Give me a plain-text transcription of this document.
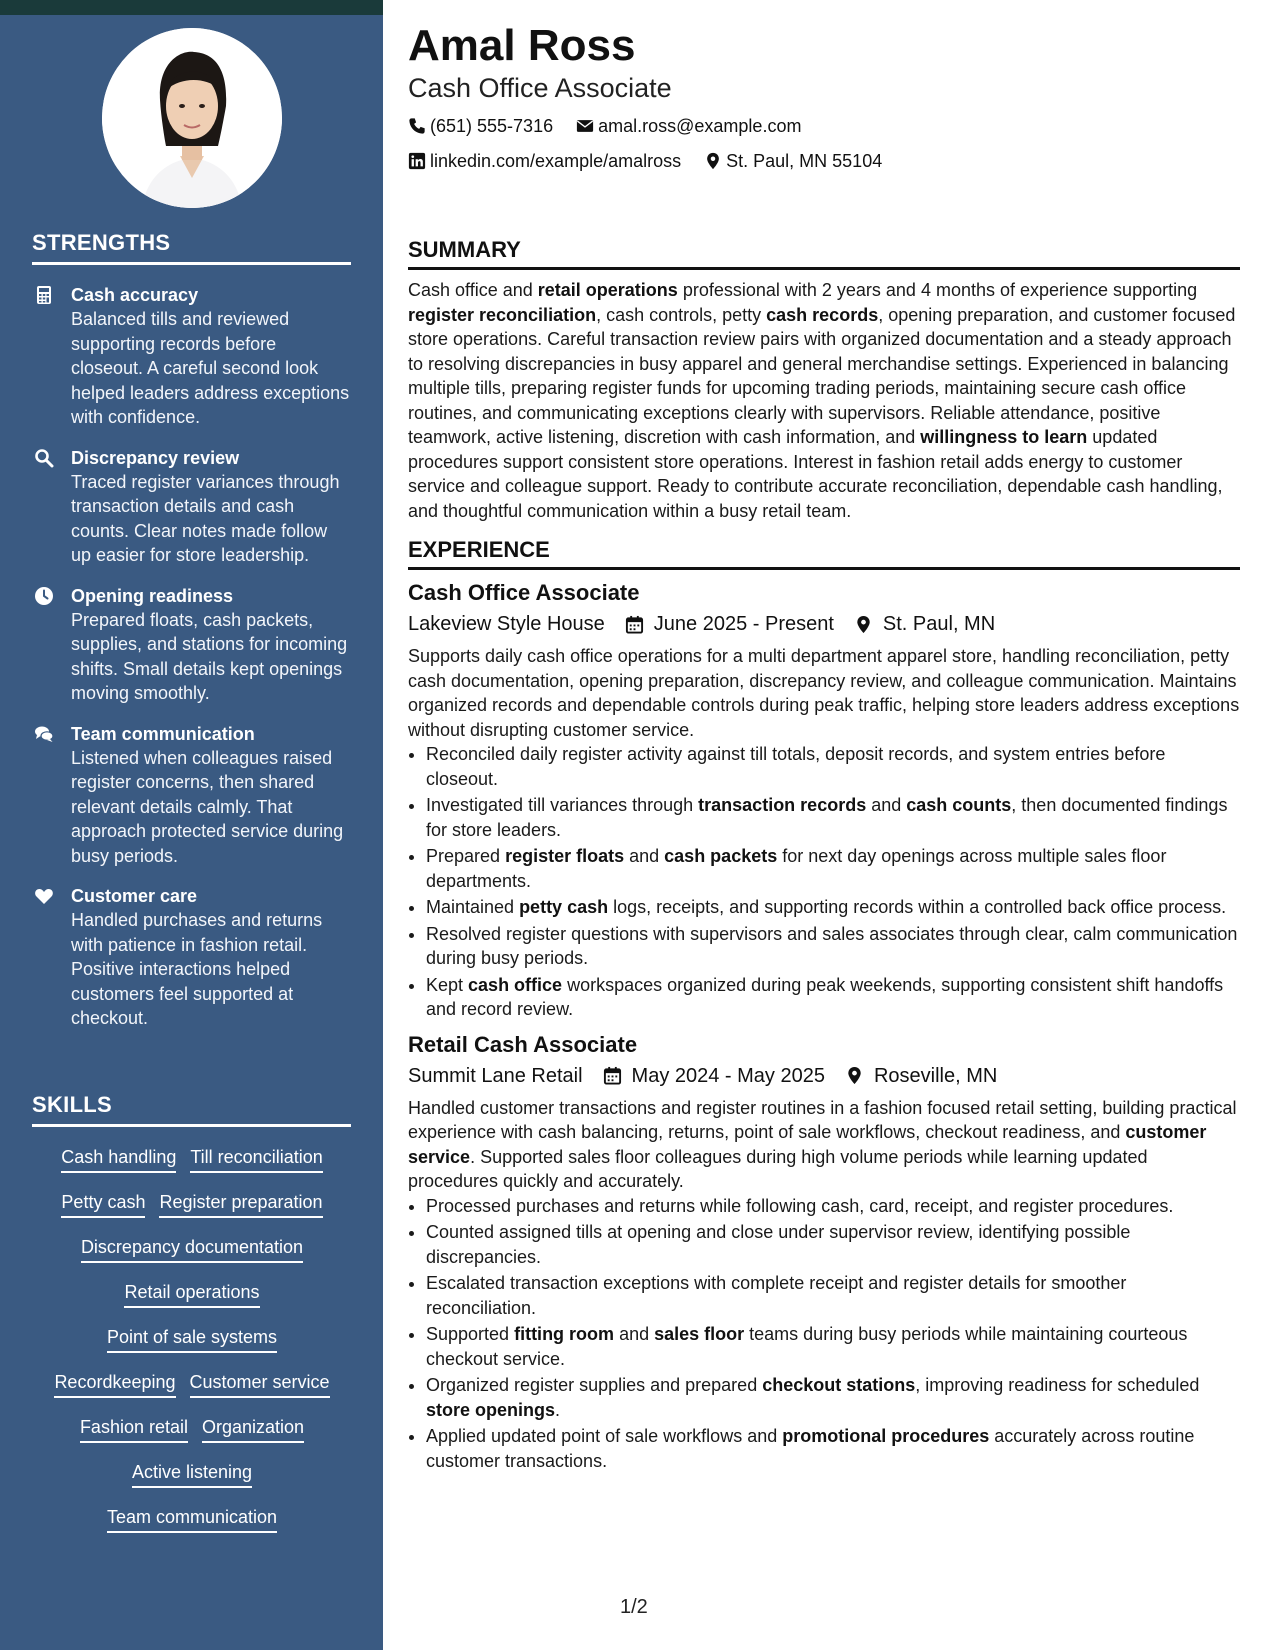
STRENGTHS
Cash accuracy
Balanced tills and reviewed supporting records before closeout. A careful second look helped leaders address exceptions with confidence.
Discrepancy review
Traced register variances through transaction details and cash counts. Clear notes made follow up easier for store leadership.
Opening readiness
Prepared floats, cash packets, supplies, and stations for incoming shifts. Small details kept openings moving smoothly.
Team communication
Listened when colleagues raised register concerns, then shared relevant details calmly. That approach protected service during busy periods.
Customer care
Handled purchases and returns with patience in fashion retail. Positive interactions helped customers feel supported at checkout.
SKILLS
Cash handling Till reconciliation
Petty cash Register preparation
Discrepancy documentation
Retail operations
Point of sale systems
Recordkeeping Customer service
Fashion retail Organization
Active listening
Team communication
Amal Ross
Cash Office Associate
(651) 555-7316
	amal.ross@example.com
linkedin.com/example/amalross
	St. Paul, MN 55104
SUMMARY

Cash office and retail operations professional with 2 years and 4 months of experience supporting register reconciliation, cash controls, petty cash records, opening preparation, and customer focused store operations. Careful transaction review pairs with organized documentation and a steady approach to resolving discrepancies in busy apparel and general merchandise settings. Experienced in balancing multiple tills, preparing register funds for upcoming trading periods, maintaining secure cash office routines, and communicating exceptions clearly with supervisors. Reliable attendance, positive teamwork, active listening, discretion with cash information, and willingness to learn updated procedures support consistent store operations. Interest in fashion retail adds energy to customer service and colleague support. Ready to contribute accurate reconciliation, dependable cash handling, and thoughtful communication within a busy retail team.

EXPERIENCE
Cash Office Associate
Lakeview Style House June 2025 - Present St. Paul, MN

Supports daily cash office operations for a multi department apparel store, handling reconciliation, petty cash documentation, opening preparation, discrepancy review, and colleague communication. Maintains organized records and dependable controls during peak traffic, helping store leaders address exceptions without disrupting customer service.

• Reconciled daily register activity against till totals, deposit records, and system entries before closeout.
• Investigated till variances through transaction records and cash counts, then documented findings for store leaders.
• Prepared register floats and cash packets for next day openings across multiple sales floor departments.
• Maintained petty cash logs, receipts, and supporting records within a controlled back office process.
• Resolved register questions with supervisors and sales associates through clear, calm communication during busy periods.
• Kept cash office workspaces organized during peak weekends, supporting consistent shift handoffs and record review.
Retail Cash Associate
Summit Lane Retail May 2024 - May 2025 Roseville, MN

Handled customer transactions and register routines in a fashion focused retail setting, building practical experience with cash balancing, returns, point of sale workflows, checkout readiness, and customer service. Supported sales floor colleagues during high volume periods while learning updated procedures quickly and accurately.

• Processed purchases and returns while following cash, card, receipt, and register procedures.
• Counted assigned tills at opening and close under supervisor review, identifying possible discrepancies.
• Escalated transaction exceptions with complete receipt and register details for smoother reconciliation.
• Supported fitting room and sales floor teams during busy periods while maintaining courteous checkout service.
• Organized register supplies and prepared checkout stations, improving readiness for scheduled store openings.
• Applied updated point of sale workflows and promotional procedures accurately across routine customer transactions.
1/2
